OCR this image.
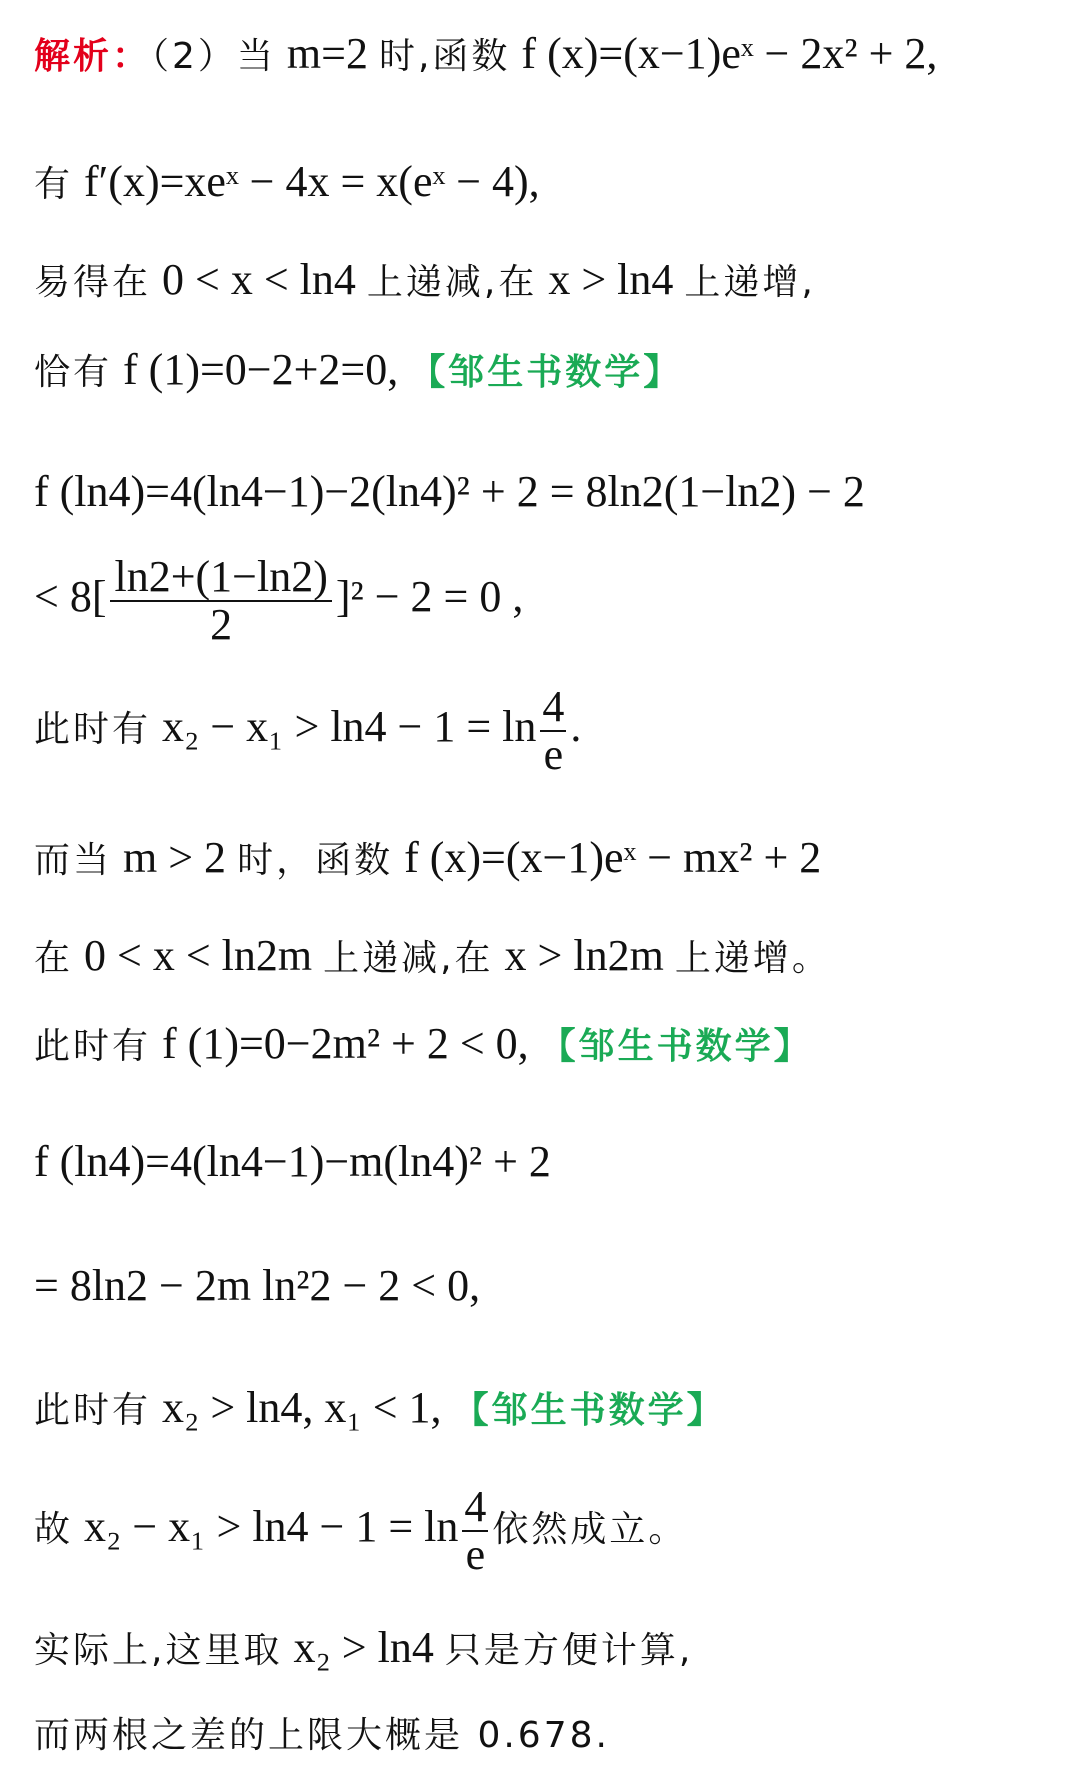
解析：（2）当 m=2 时,函数 f (x)=(x−1)eˣ − 2x² + 2,
有 f′(x)=xeˣ − 4x = x(eˣ − 4),
易得在 0 < x < ln4 上递减,在 x > ln4 上递增,
恰有 f (1)=0−2+2=0, 【邹生书数学】
f (ln4)=4(ln4−1)−2(ln4)² + 2 = 8ln2(1−ln2) − 2
< $8[ \frac{\ln 2+(1-\ln 2)}{2} ]^2 - 2 = 0$ ,
此时有 $x_2 - x_1 > \ln 4 - 1 = \ln \frac{4}{e}$ .
而当 m > 2 时，函数 f (x)=(x−1)eˣ − mx² + 2
在 0 < x < ln2m 上递减,在 x > ln2m 上递增。
此时有 f (1)=0−2m² + 2 < 0, 【邹生书数学】
f (ln4)=4(ln4−1)−m(ln4)² + 2
= 8ln2 − 2m ln²2 − 2 < 0,
此时有 x₂ > ln4, x₁ < 1, 【邹生书数学】
故 $x_2 - x_1 > \ln 4 - 1 = \ln \frac{4}{e}$ 依然成立。
实际上,这里取 x₂ > ln4 只是方便计算,
而两根之差的上限大概是 0.678.
